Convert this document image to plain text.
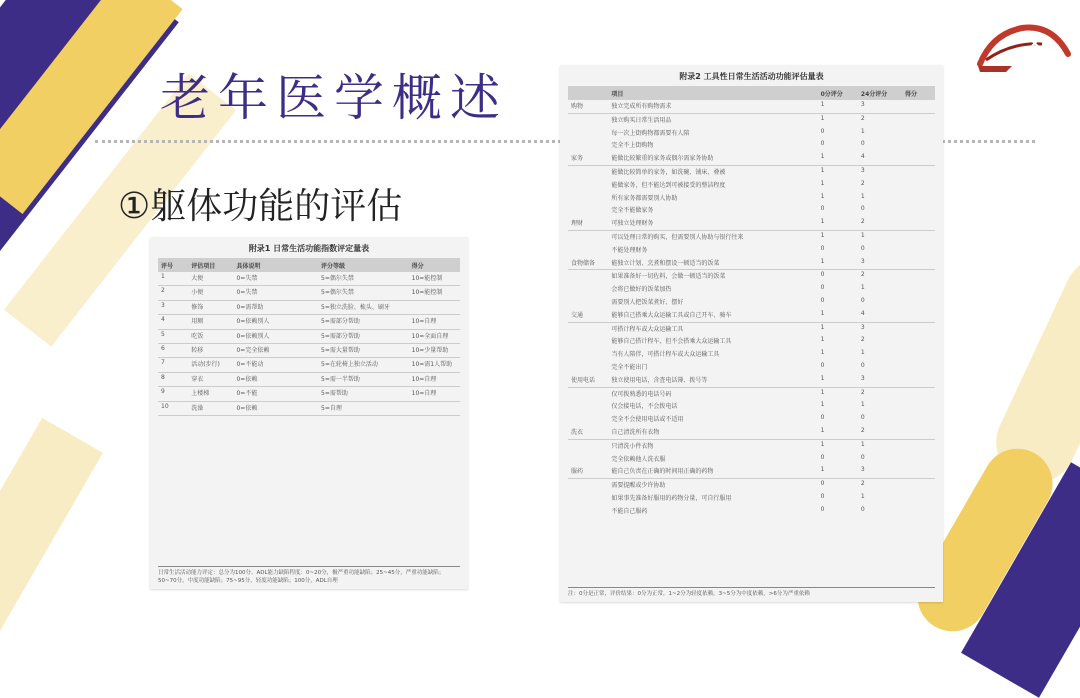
老年医学概述
①躯体功能的评估
附录1 日常生活功能指数评定量表
评号	评估项目	具体说明	评分等级	得分
1	大便	0=失禁	5=偶尔失禁	10=能控制
2	小便	0=失禁	5=偶尔失禁	10=能控制
3	修饰	0=需帮助	5=独立洗脸、梳头、刷牙	
4	用厕	0=依赖别人	5=需部分帮助	10=自理
5	吃饭	0=依赖别人	5=需部分帮助	10=全面自理
6	转移	0=完全依赖	5=需大量帮助	10=少量帮助
7	活动(步行)	0=不能动	5=在轮椅上独立活动	10=需1人帮助
8	穿衣	0=依赖	5=需一半帮助	10=自理
9	上楼梯	0=不能	5=需帮助	10=自理
10	洗澡	0=依赖	5=自理	
日常生活活动能力评定：总分为100分。ADL能力缺陷程度：0~20分，极严重功能缺陷；25~45分，严重功能缺陷；50~70分，中度功能缺陷；75~95分，轻度功能缺陷；100分，ADL自理
附录2 工具性日常生活活动功能评估量表
	项目	0分评分	24分评分	得分
购物	独立完成所有购物需求	1	3	
	独立购买日常生活用品	1	2	
	每一次上街购物都需要有人陪	0	1	
	完全不上街购物	0	0	
家务	能做比较繁重的家务或偶尔需家务协助	1	4	
	能做比较简单的家务，如洗碗、铺床、叠被	1	3	
	能做家务，但不能达到可被接受的整洁程度	1	2	
	所有家务都需要别人协助	1	1	
	完全不能做家务	0	0	
理财	可独立处理财务	1	2	
	可以处理日常的购买，但需要别人协助与银行往来	1	1	
	不能处理财务	0	0	
食物储备	能独立计划、烹煮和摆设一顿适当的饭菜	1	3	
	如果准备好一切佐料，会做一顿适当的饭菜	0	2	
	会将已做好的饭菜加热	0	1	
	需要别人把饭菜煮好、摆好	0	0	
交通	能够自己搭乘大众运输工具或自己开车、骑车	1	4	
	可搭计程车或大众运输工具	1	3	
	能够自己搭计程车，但不会搭乘大众运输工具	1	2	
	当有人陪伴，可搭计程车或大众运输工具	1	1	
	完全不能出门	0	0	
使用电话	独立使用电话，含查电话簿、拨号等	1	3	
	仅可拨熟悉的电话号码	1	2	
	仅会接电话，不会拨电话	1	1	
	完全不会使用电话或不适用	0	0	
洗衣	自己清洗所有衣物	1	2	
	只清洗小件衣物	1	1	
	完全依赖他人洗衣服	0	0	
服药	能自己负责在正确的时间用正确的药物	1	3	
	需要提醒或少许协助	0	2	
	如果事先准备好服用的药物分量，可自行服用	0	1	
	不能自己服药	0	0	
注：0分是正常，评价结果：0分为正常，1~2分为轻度依赖，3~5分为中度依赖，>6分为严重依赖
